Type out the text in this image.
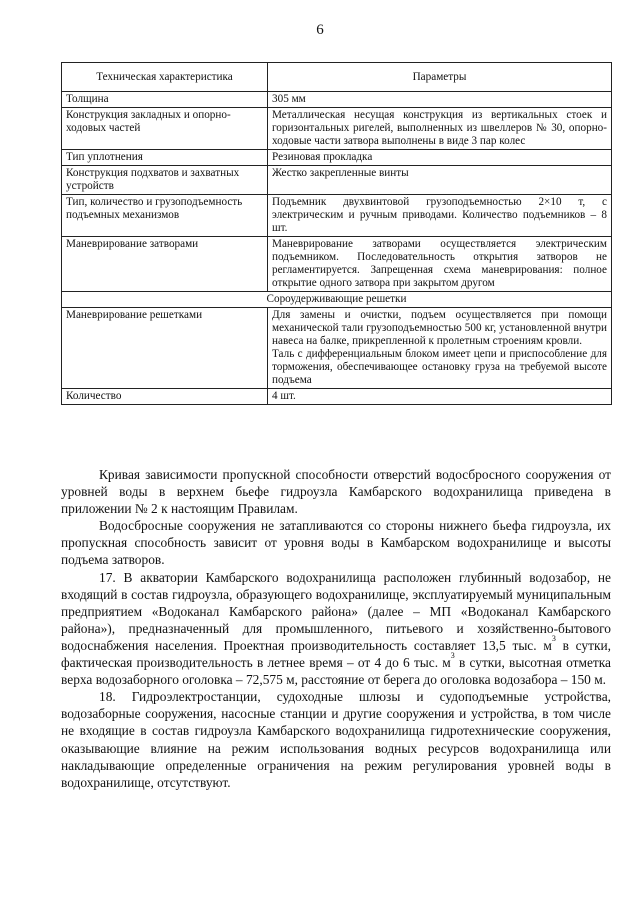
6
Техническая характеристика	Параметры
Толщина	305 мм

Конструкция закладных и опорно-ходовых частей	Металлическая несущая конструкция из вертикальных стоек и горизонтальных ригелей, выполненных из швеллеров № 30, опорно-ходовые части затвора выполнены в виде 3 пар колес

Тип уплотнения	Резиновая прокладка

Конструкция подхватов и захватных устройств	Жестко закрепленные винты

Тип, количество и грузоподъемность подъемных механизмов	Подъемник двухвинтовой грузоподъемностью 2×10 т, с электрическим и ручным приводами. Количество подъемников – 8 шт.

Маневрирование затворами	Маневрирование затворами осуществляется электрическим подъемником. Последовательность открытия затворов не регламентируется. Запрещенная схема маневрирования: полное открытие одного затвора при закрытом другом

Сороудерживающие решетки	
Маневрирование решетками	Для замены и очистки, подъем осуществляется при помощи механической тали грузоподъемностью 500 кг, установленной внутри навеса на балке, прикрепленной к пролетным строениям кровли.
Таль с дифференциальным блоком имеет цепи и приспособление для торможения, обеспечивающее остановку груза на требуемой высоте подъема

Количество	4 шт.

Кривая зависимости пропускной способности отверстий водосбросного сооружения от уровней воды в верхнем бьефе гидроузла Камбарского водохранилища приведена в приложении № 2 к настоящим Правилам.

Водосбросные сооружения не затапливаются со стороны нижнего бьефа гидроузла, их пропускная способность зависит от уровня воды в Камбарском водохранилище и высоты подъема затворов.

17. В акватории Камбарского водохранилища расположен глубинный водозабор, не входящий в состав гидроузла, образующего водохранилище, эксплуатируемый муниципальным предприятием «Водоканал Камбарского района» (далее – МП «Водоканал Камбарского района»), предназначенный для промышленного, питьевого и хозяйственно-бытового водоснабжения населения. Проектная производительность составляет 13,5 тыс. $м^3$ в сутки, фактическая производительность в летнее время – от 4 до 6 тыс. $м^3$ в сутки, высотная отметка верха водозаборного оголовка – 72,575 м, расстояние от берега до оголовка водозабора – 150 м.

18. Гидроэлектростанции, судоходные шлюзы и судоподъемные устройства, водозаборные сооружения, насосные станции и другие сооружения и устройства, в том числе не входящие в состав гидроузла Камбарского водохранилища гидротехнические сооружения, оказывающие влияние на режим использования водных ресурсов водохранилища или накладывающие определенные ограничения на режим регулирования уровней воды в водохранилище, отсутствуют.
